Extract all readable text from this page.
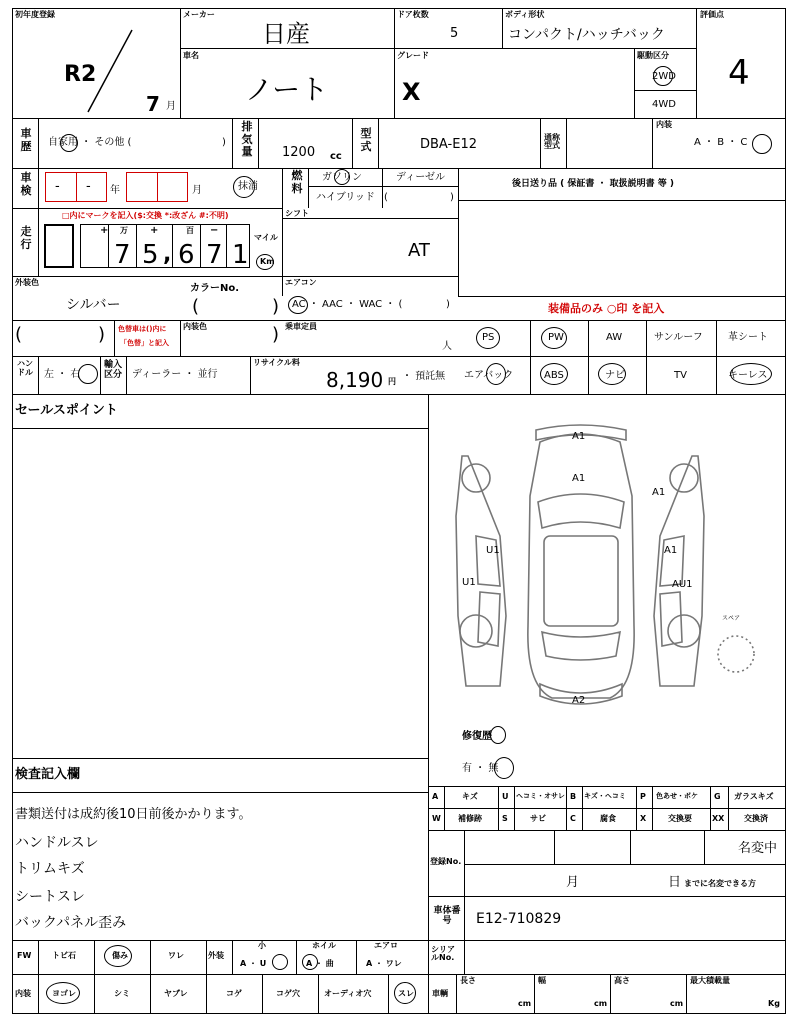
初年度登録
R2
7 月
メーカー
日産
ドア枚数
5
ボディ形状
コンパクト/ハッチバック
評価点
4
車名
ノート
グレード
X
駆動区分
2WD
4WD
車歴	自家用 ・ その他 (	)
排気量 1200 cc
型式	DBA-E12	通称型式
内装
A ・ B ・ C
車検	- - 年	月	抹消
燃料
ガソリン	ディーゼル
ハイブリッド (	)
後日送り品 ( 保証書 ・ 取扱説明書 等 )
走行
□内にマークを記入($:交換 *:改ざん #:不明)
+ 万 +	百 −
7 5 , 6 7 1
マイル
Km
シフト
AT
外装色
シルバー
カラーNo.
(	)
エアコン
AC ・ AAC ・ WAC ・ (	)	装備品のみ ○印 を記入
(	) 色替車は()内に
「色替」と記入
内装色	) 乗車定員
人
PS	PW	AW	サンルーフ	革シート
ハンドル 左 ・ 右
輸入区分 ディーラー ・ 並行
リサイクル料
8,190 円 ・ 預託無 エアバック	ABS	ナビ	TV	キーレス
セールスポイント
A1
A1
A1
U1	A1
U1	AU1
A2
スペア
修復歴
有 ・ 無
検査記入欄
書類送付は成約後10日前後かかります。
ハンドルスレ
トリムキズ
シートスレ
バックパネル歪み
A	キズ	U ヘコミ・オサレ B キズ・ヘコミ P 色あせ・ボケ G ガラスキズ
W 補修跡	S	サビ	C	腐食	X	交換要	XX 交換済
登録No.
名変中
月	日 までに名変できる方
車体番号	E12-710829
FW	トビ石	傷み	ワレ	外装
小
A ・ U
ホイル
A ・ 曲
エアロ
A ・ ワレ
シリアルNo.
内装	ヨゴレ	シミ	ヤブレ	コゲ	コゲ穴	オーディオ穴	スレ 車輌
長さ
cm
幅
cm
高さ
cm
最大積載量
Kg
